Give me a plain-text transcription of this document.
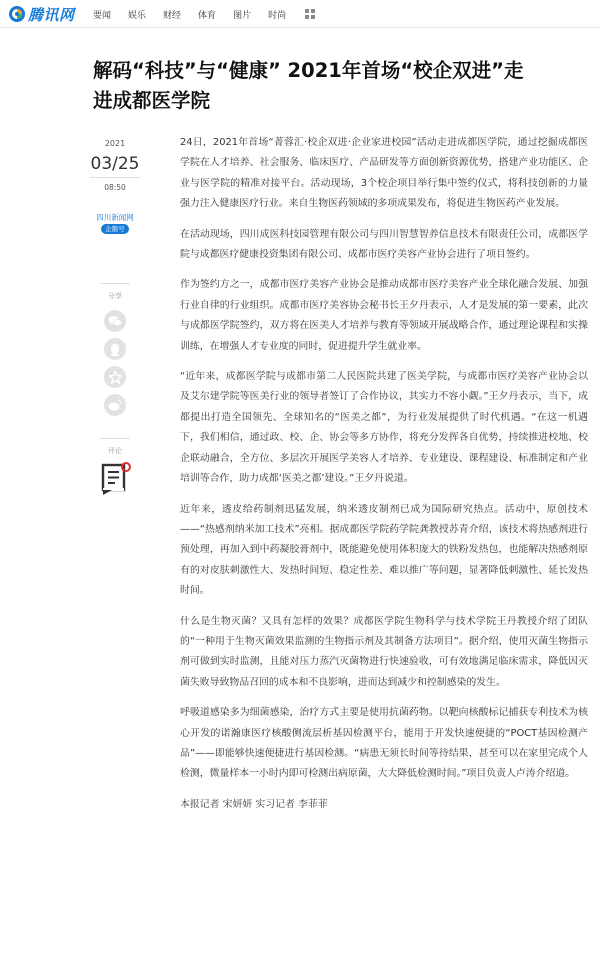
腾讯网 要闻 娱乐 财经 体育 图片 时尚
解码“科技”与“健康” 2021年首场“校企双进”走进成都医学院
2021
03/25
08:50
四川新闻网
企鹅号
分享
评论

24日，2021年首场“菁蓉汇·校企双进·企业家进校园”活动走进成都医学院，通过挖掘成都医学院在人才培养、社会服务、临床医疗、产品研发等方面创新资源优势，搭建产业功能区、企业与医学院的精准对接平台。活动现场，3个校企项目举行集中签约仪式，将科技创新的力量强力注入健康医疗行业。来自生物医药领域的多项成果发布，将促进生物医药产业发展。

在活动现场，四川成医科技园管理有限公司与四川智慧智养信息技术有限责任公司，成都医学院与成都医疗健康投资集团有限公司、成都市医疗美容产业协会进行了项目签约。

作为签约方之一，成都市医疗美容产业协会是推动成都市医疗美容产业全球化融合发展、加强行业自律的行业组织。成都市医疗美容协会秘书长王夕丹表示，人才是发展的第一要素，此次与成都医学院签约，双方将在医美人才培养与教育等领域开展战略合作，通过理论课程和实操训练，在增强人才专业度的同时，促进提升学生就业率。

“近年来，成都医学院与成都市第二人民医院共建了医美学院，与成都市医疗美容产业协会以及艾尔建学院等医美行业的领导者签订了合作协议，其实力不容小觑。”王夕丹表示，当下，成都提出打造全国领先、全球知名的“医美之都”，为行业发展提供了时代机遇。“在这一机遇下，我们相信，通过政、校、企、协会等多方协作，将充分发挥各自优势，持续推进校地、校企联动融合，全方位、多层次开展医学美容人才培养、专业建设、课程建设、标准制定和产业培训等合作，助力成都‘医美之都’建设。”王夕丹说道。

近年来，透皮给药制剂迅猛发展，纳米透皮制剂已成为国际研究热点。活动中，原创技术——“热感剂纳米加工技术”亮相。据成都医学院药学院龚教授苏青介绍，该技术将热感剂进行预处理，再加入到中药凝胶膏剂中，既能避免使用体积庞大的铁粉发热包，也能解决热感剂原有的对皮肤刺激性大、发热时间短、稳定性差、难以推广等问题，显著降低刺激性、延长发热时间。

什么是生物灭菌？又具有怎样的效果？成都医学院生物科学与技术学院王丹教授介绍了团队的“一种用于生物灭菌效果监测的生物指示剂及其制备方法项目”。据介绍，使用灭菌生物指示剂可做到实时监测，且能对压力蒸汽灭菌物进行快速验收，可有效地满足临床需求，降低因灭菌失败导致物品召回的成本和不良影响，进而达到减少和控制感染的发生。

呼吸道感染多为细菌感染，治疗方式主要是使用抗菌药物。以靶向核酸标记捕获专利技术为核心开发的诺瀚康医疗核酸侧流层析基因检测平台，能用于开发快速便捷的“POCT基因检测产品”——即能够快速便捷进行基因检测。“病患无须长时间等待结果，甚至可以在家里完成个人检测，微量样本一小时内即可检测出病原菌，大大降低检测时间。”项目负责人卢涛介绍道。

本报记者 宋妍妍 实习记者 李菲菲
